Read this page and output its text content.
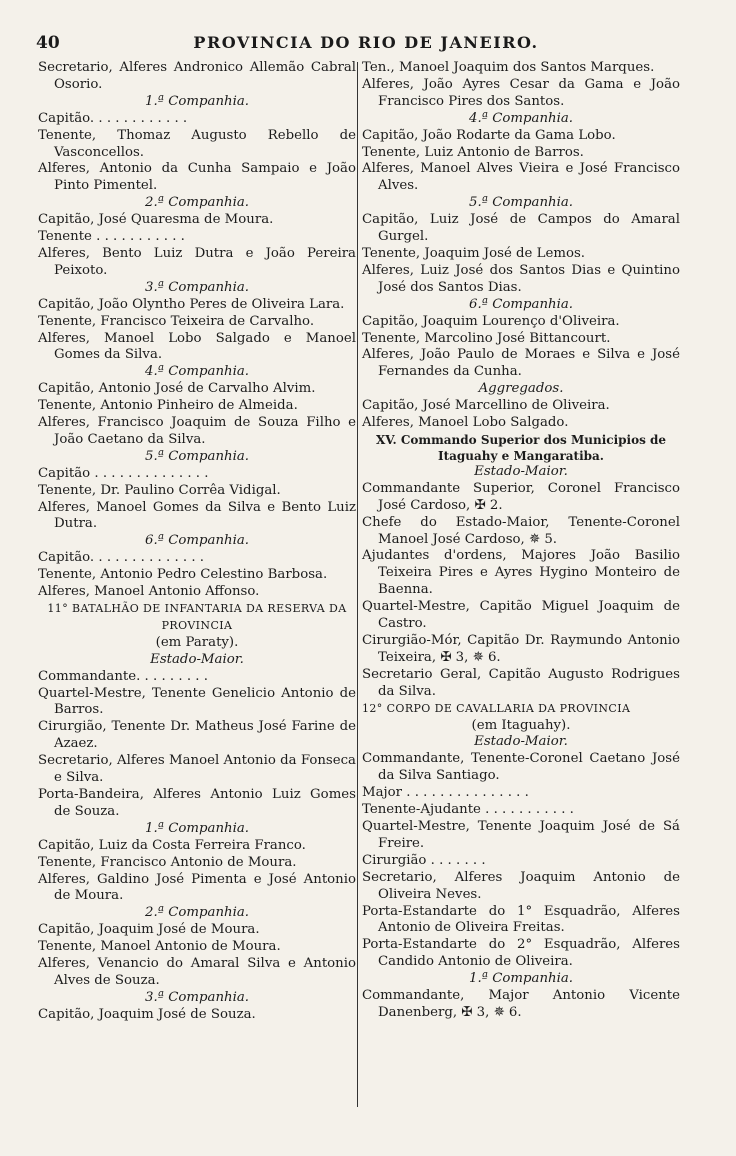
40	PROVINCIA DO RIO DE JANEIRO.

Secretario, Alferes Andronico Allemão Cabral Osorio.

1.ª Companhia.

Capitão. . . . . . . . . . . .

Tenente, Thomaz Augusto Rebello de Vasconcellos.

Alferes, Antonio da Cunha Sampaio e João Pinto Pimentel.

2.ª Companhia.

Capitão, José Quaresma de Moura.

Tenente . . . . . . . . . . .

Alferes, Bento Luiz Dutra e João Pereira Peixoto.

3.ª Companhia.

Capitão, João Olyntho Peres de Oliveira Lara.

Tenente, Francisco Teixeira de Carvalho.

Alferes, Manoel Lobo Salgado e Manoel Gomes da Silva.

4.ª Companhia.

Capitão, Antonio José de Carvalho Alvim.

Tenente, Antonio Pinheiro de Almeida.

Alferes, Francisco Joaquim de Souza Filho e João Caetano da Silva.

5.ª Companhia.

Capitão . . . . . . . . . . . . . .

Tenente, Dr. Paulino Corrêa Vidigal.

Alferes, Manoel Gomes da Silva e Bento Luiz Dutra.

6.ª Companhia.

Capitão. . . . . . . . . . . . . .

Tenente, Antonio Pedro Celestino Barbosa.

Alferes, Manoel Antonio Affonso.

11° BATALHÃO DE INFANTARIA DA RESERVA DA PROVINCIA

(em Paraty).

Estado-Maior.

Commandante. . . . . . . . .

Quartel-Mestre, Tenente Genelicio Antonio de Barros.

Cirurgião, Tenente Dr. Matheus José Farine de Azaez.

Secretario, Alferes Manoel Antonio da Fonseca e Silva.

Porta-Bandeira, Alferes Antonio Luiz Gomes de Souza.

1.ª Companhia.

Capitão, Luiz da Costa Ferreira Franco.

Tenente, Francisco Antonio de Moura.

Alferes, Galdino José Pimenta e José Antonio de Moura.

2.ª Companhia.

Capitão, Joaquim José de Moura.

Tenente, Manoel Antonio de Moura.

Alferes, Venancio do Amaral Silva e Antonio Alves de Souza.

3.ª Companhia.

Capitão, Joaquim José de Souza.

Ten., Manoel Joaquim dos Santos Marques.

Alferes, João Ayres Cesar da Gama e João Francisco Pires dos Santos.

4.ª Companhia.

Capitão, João Rodarte da Gama Lobo.

Tenente, Luiz Antonio de Barros.

Alferes, Manoel Alves Vieira e José Francisco Alves.

5.ª Companhia.

Capitão, Luiz José de Campos do Amaral Gurgel.

Tenente, Joaquim José de Lemos.

Alferes, Luiz José dos Santos Dias e Quintino José dos Santos Dias.

6.ª Companhia.

Capitão, Joaquim Lourenço d'Oliveira.

Tenente, Marcolino José Bittancourt.

Alferes, João Paulo de Moraes e Silva e José Fernandes da Cunha.

Aggregados.

Capitão, José Marcellino de Oliveira.

Alferes, Manoel Lobo Salgado.

XV. Commando Superior dos Municipios de Itaguahy e Mangaratiba.

Estado-Maior.

Commandante Superior, Coronel Francisco José Cardoso, ✠ 2.

Chefe do Estado-Maior, Tenente-Coronel Manoel José Cardoso, ✵ 5.

Ajudantes d'ordens, Majores João Basilio Teixeira Pires e Ayres Hygino Monteiro de Baenna.

Quartel-Mestre, Capitão Miguel Joaquim de Castro.

Cirurgião-Mór, Capitão Dr. Raymundo Antonio Teixeira, ✠ 3, ✵ 6.

Secretario Geral, Capitão Augusto Rodrigues da Silva.

12° CORPO DE CAVALLARIA DA PROVINCIA

(em Itaguahy).

Estado-Maior.

Commandante, Tenente-Coronel Caetano José da Silva Santiago.

Major . . . . . . . . . . . . . . .

Tenente-Ajudante . . . . . . . . . . .

Quartel-Mestre, Tenente Joaquim José de Sá Freire.

Cirurgião . . . . . . .

Secretario, Alferes Joaquim Antonio de Oliveira Neves.

Porta-Estandarte do 1° Esquadrão, Alferes Antonio de Oliveira Freitas.

Porta-Estandarte do 2° Esquadrão, Alferes Candido Antonio de Oliveira.

1.ª Companhia.

Commandante, Major Antonio Vicente Danenberg, ✠ 3, ✵ 6.
